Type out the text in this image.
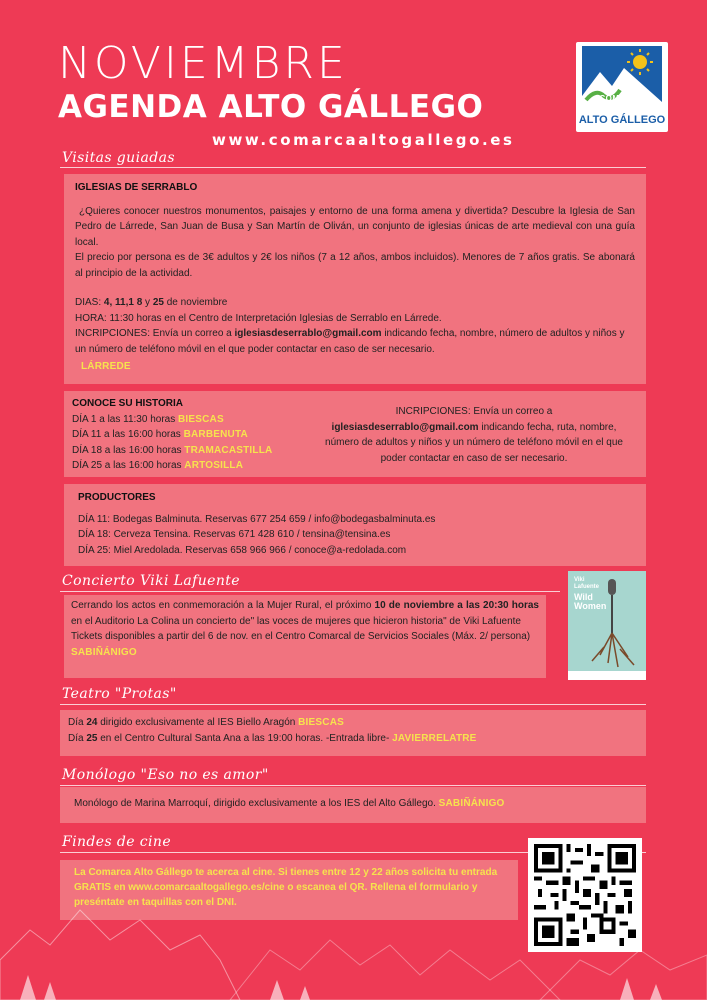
NOVIEMBRE
AGENDA ALTO GÁLLEGO
www.comarcaaltogallego.es
COMARCA
ALTO GÁLLEGO
Visitas guiadas
IGLESIAS DE SERRABLO
¿Quieres conocer nuestros monumentos, paisajes y entorno de una forma amena y divertida? Descubre la Iglesia de San Pedro de Lárrede, San Juan de Busa y San Martín de Oliván, un conjunto de iglesias únicas de arte medieval con una guía local.
El precio por persona es de 3€ adultos y 2€ los niños (7 a 12 años, ambos incluidos). Menores de 7 años gratis. Se abonará al principio de la actividad.
DIAS: 4, 11,1 8 y 25 de noviembre
HORA: 11:30 horas en el Centro de Interpretación Iglesias de Serrablo en Lárrede.
INCRIPCIONES: Envía un correo a iglesiasdeserrablo@gmail.com indicando fecha, nombre, número de adultos y niños y un número de teléfono móvil en el que poder contactar en caso de ser necesario.
LÁRREDE
CONOCE SU HISTORIA
DÍA 1 a las 11:30 horas BIESCAS
DÍA 11 a las 16:00 horas BARBENUTA
DÍA 18 a las 16:00 horas TRAMACASTILLA
DÍA 25 a las 16:00 horas ARTOSILLA
INCRIPCIONES: Envía un correo a
iglesiasdeserrablo@gmail.com indicando fecha, ruta, nombre, número de adultos y niños y un número de teléfono móvil en el que poder contactar en caso de ser necesario.
PRODUCTORES
DÍA 11: Bodegas Balminuta. Reservas 677 254 659 / info@bodegasbalminuta.es
DÍA 18: Cerveza Tensina. Reservas 671 428 610 / tensina@tensina.es
DÍA 25: Miel Aredolada. Reservas 658 966 966 / conoce@a-redolada.com
Concierto Viki Lafuente
Cerrando los actos en conmemoración a la Mujer Rural, el próximo 10 de noviembre a las 20:30 horas en el Auditorio La Colina un concierto de" las voces de mujeres que hicieron historia" de Viki Lafuente
Tickets disponibles a partir del 6 de nov. en el Centro Comarcal de Servicios Sociales (Máx. 2/ persona) SABIÑÁNIGO
Viki
Lafuente
Wild
Women
Teatro "Protas"
Día 24 dirigido exclusivamente al IES Biello Aragón BIESCAS
Día 25 en el Centro Cultural Santa Ana a las 19:00 horas. -Entrada libre- JAVIERRELATRE
Monólogo "Eso no es amor"
Monólogo de Marina Marroquí, dirigido exclusivamente a los IES del Alto Gállego. SABIÑÁNIGO
Findes de cine
La Comarca Alto Gállego te acerca al cine. Si tienes entre 12 y 22 años solicita tu entrada GRATIS en www.comarcaaltogallego.es/cine o escanea el QR. Rellena el formulario y preséntate en taquillas con el DNI.
